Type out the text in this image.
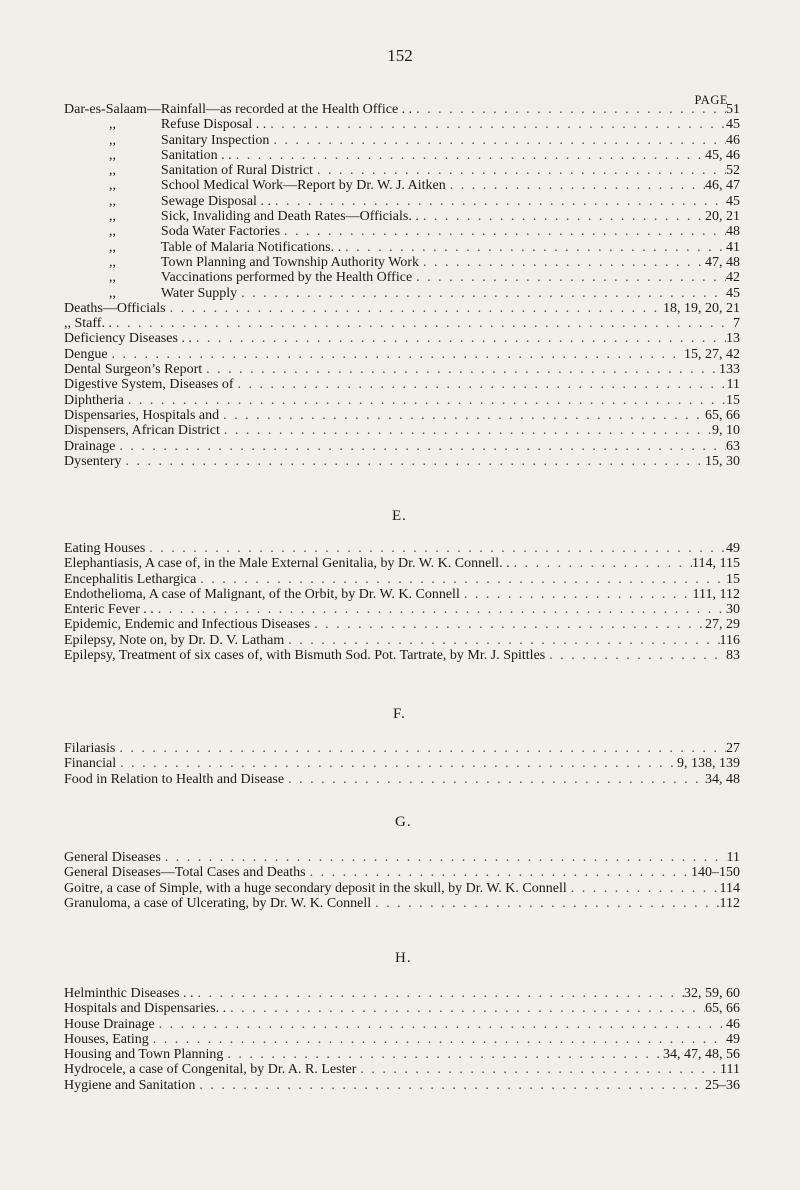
152
PAGE
Dar-es-Salaam—Rainfall—as recorded at the Health Office . . . . .	51
,,	Refuse Disposal . . . . .	45
,,	Sanitary Inspection . . .	46
,,	Sanitation . . . . .	45, 46
,,	Sanitation of Rural District . . .	52
,,	School Medical Work—Report by Dr. W. J. Aitken . . .	46, 47
,,	Sewage Disposal . . . . .	45
,,	Sick, Invaliding and Death Rates—Officials. . . . .	20, 21
,,	Soda Water Factories . . .	48
,,	Table of Malaria Notifications. . . . .	41
,,	Town Planning and Township Authority Work . . .	47, 48
,,	Vaccinations performed by the Health Office . . .	42
,,	Water Supply . . .	45
Deaths—Officials . . .	18, 19, 20, 21
,, Staff. . . . .	7
Deficiency Diseases . . . . .	13
Dengue . . .	15, 27, 42
Dental Surgeon’s Report . . .	133
Digestive System, Diseases of . . .	11
Diphtheria . . .	15
Dispensaries, Hospitals and . . .	65, 66
Dispensers, African District . . .	9, 10
Drainage . . .	63
Dysentery . . .	15, 30
E.
Eating Houses . . .	49
Elephantiasis, A case of, in the Male External Genitalia, by Dr. W. K. Connell. . . . .	114, 115
Encephalitis Lethargica . . .	15
Endothelioma, A case of Malignant, of the Orbit, by Dr. W. K. Connell . . .	111, 112
Enteric Fever . . . . .	30
Epidemic, Endemic and Infectious Diseases . . .	27, 29
Epilepsy, Note on, by Dr. D. V. Latham . . .	116
Epilepsy, Treatment of six cases of, with Bismuth Sod. Pot. Tartrate, by Mr. J. Spittles . . .	83
F.
Filariasis . . .	27
Financial . . .	9, 138, 139
Food in Relation to Health and Disease . . .	34, 48
G.
General Diseases . . .	11
General Diseases—Total Cases and Deaths . . .	140–150
Goitre, a case of Simple, with a huge secondary deposit in the skull, by Dr. W. K. Connell . . .	114
Granuloma, a case of Ulcerating, by Dr. W. K. Connell . . .	112
H.
Helminthic Diseases . . . . .	32, 59, 60
Hospitals and Dispensaries. . . . .	65, 66
House Drainage . . .	46
Houses, Eating . . .	49
Housing and Town Planning . . .	34, 47, 48, 56
Hydrocele, a case of Congenital, by Dr. A. R. Lester . . .	111
Hygiene and Sanitation . . .	25–36
